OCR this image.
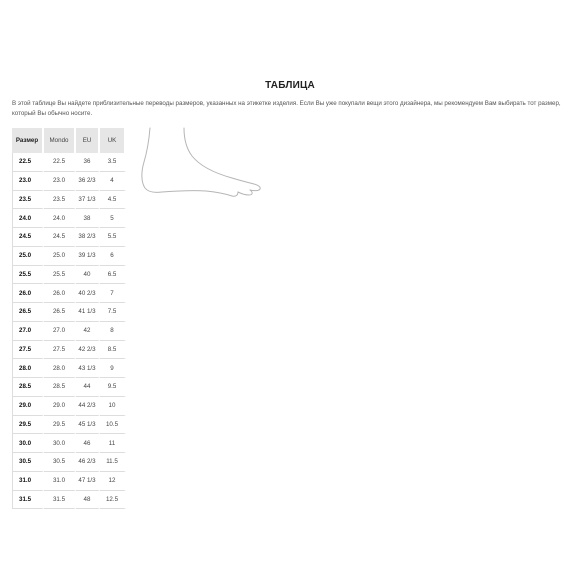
ТАБЛИЦА
В этой таблице Вы найдете приблизительные переводы размеров, указанных на этикетке изделия. Если Вы уже покупали вещи этого дизайнера, мы рекомендуем Вам выбирать тот размер, который Вы обычно носите.
Размер	Mondo	EU	UK
22.5	22.5	36	3.5
23.0	23.0	36 2/3	4
23.5	23.5	37 1/3	4.5
24.0	24.0	38	5
24.5	24.5	38 2/3	5.5
25.0	25.0	39 1/3	6
25.5	25.5	40	6.5
26.0	26.0	40 2/3	7
26.5	26.5	41 1/3	7.5
27.0	27.0	42	8
27.5	27.5	42 2/3	8.5
28.0	28.0	43 1/3	9
28.5	28.5	44	9.5
29.0	29.0	44 2/3	10
29.5	29.5	45 1/3	10.5
30.0	30.0	46	11
30.5	30.5	46 2/3	11.5
31.0	31.0	47 1/3	12
31.5	31.5	48	12.5
